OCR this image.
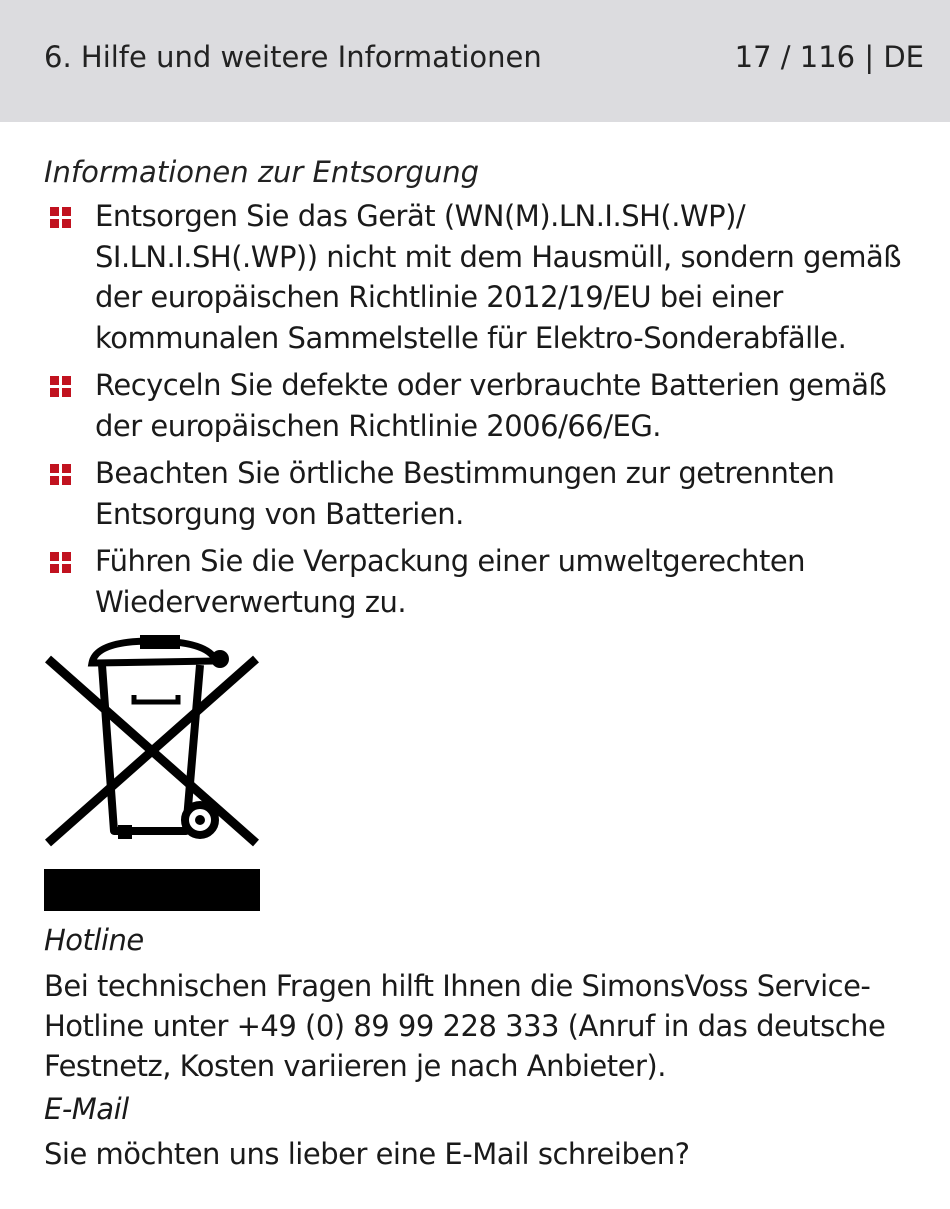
6. Hilfe und weitere Informationen	17 / 116 | DE
Informationen zur Entsorgung
Entsorgen Sie das Gerät (WN(M).LN.I.SH(.WP)/ SI.LN.I.SH(.WP)) nicht mit dem Hausmüll, sondern gemäß der europäischen Richtlinie 2012/19/EU bei einer kommunalen Sammelstelle für Elektro-Sonderabfälle.
Recyceln Sie defekte oder verbrauchte Batterien gemäß der europäischen Richtlinie 2006/66/EG.
Beachten Sie örtliche Bestimmungen zur getrennten Entsorgung von Batterien.
Führen Sie die Verpackung einer umweltgerechten Wiederverwertung zu.
Hotline
Bei technischen Fragen hilft Ihnen die SimonsVoss Service-Hotline unter +49 (0) 89 99 228 333 (Anruf in das deutsche Festnetz, Kosten variieren je nach Anbieter).
E-Mail
Sie möchten uns lieber eine E-Mail schreiben?
